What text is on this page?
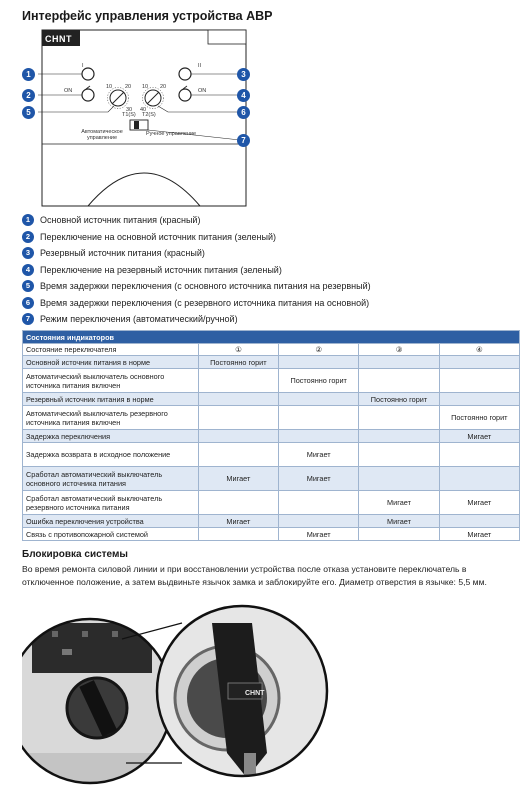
Интерфейс управления устройства АВР
CHNT
I	II
ON	ON
10 20
30
10 20
40
T1(S) T2(S)
Автоматическое управление
Ручное управление
1
2
5
3
4
6
7
1	Основной источник питания (красный)
2	Переключение на основной источник питания (зеленый)
3	Резервный источник питания (красный)
4	Переключение на резервный источник питания (зеленый)
5	Время задержки переключения (с основного источника питания на резервный)
6	Время задержки переключения (с резервного источника питания на основной)
7	Режим переключения (автоматический/ручной)
Состояния индикаторов				
Состояние переключателя	①	②	③	④
Основной источник питания в норме	Постоянно горит			
Автоматический выключатель основного источника питания включен		Постоянно горит		
Резервный источник питания в норме			Постоянно горит	
Автоматический выключатель резервного источника питания включен				Постоянно горит
Задержка переключения				Мигает
Задержка возврата в исходное положение		Мигает		
Сработал автоматический выключатель основного источника питания	Мигает	Мигает		
Сработал автоматический выключатель резервного источника питания			Мигает	Мигает
Ошибка переключения устройства	Мигает		Мигает	
Связь с противопожарной системой		Мигает		Мигает
Блокировка системы
Во время ремонта силовой линии и при восстановлении устройства после отказа установите переключатель в отключенное положение, а затем выдвиньте язычок замка и заблокируйте его. Диаметр отверстия в язычке: 5,5 мм.
CHNT
